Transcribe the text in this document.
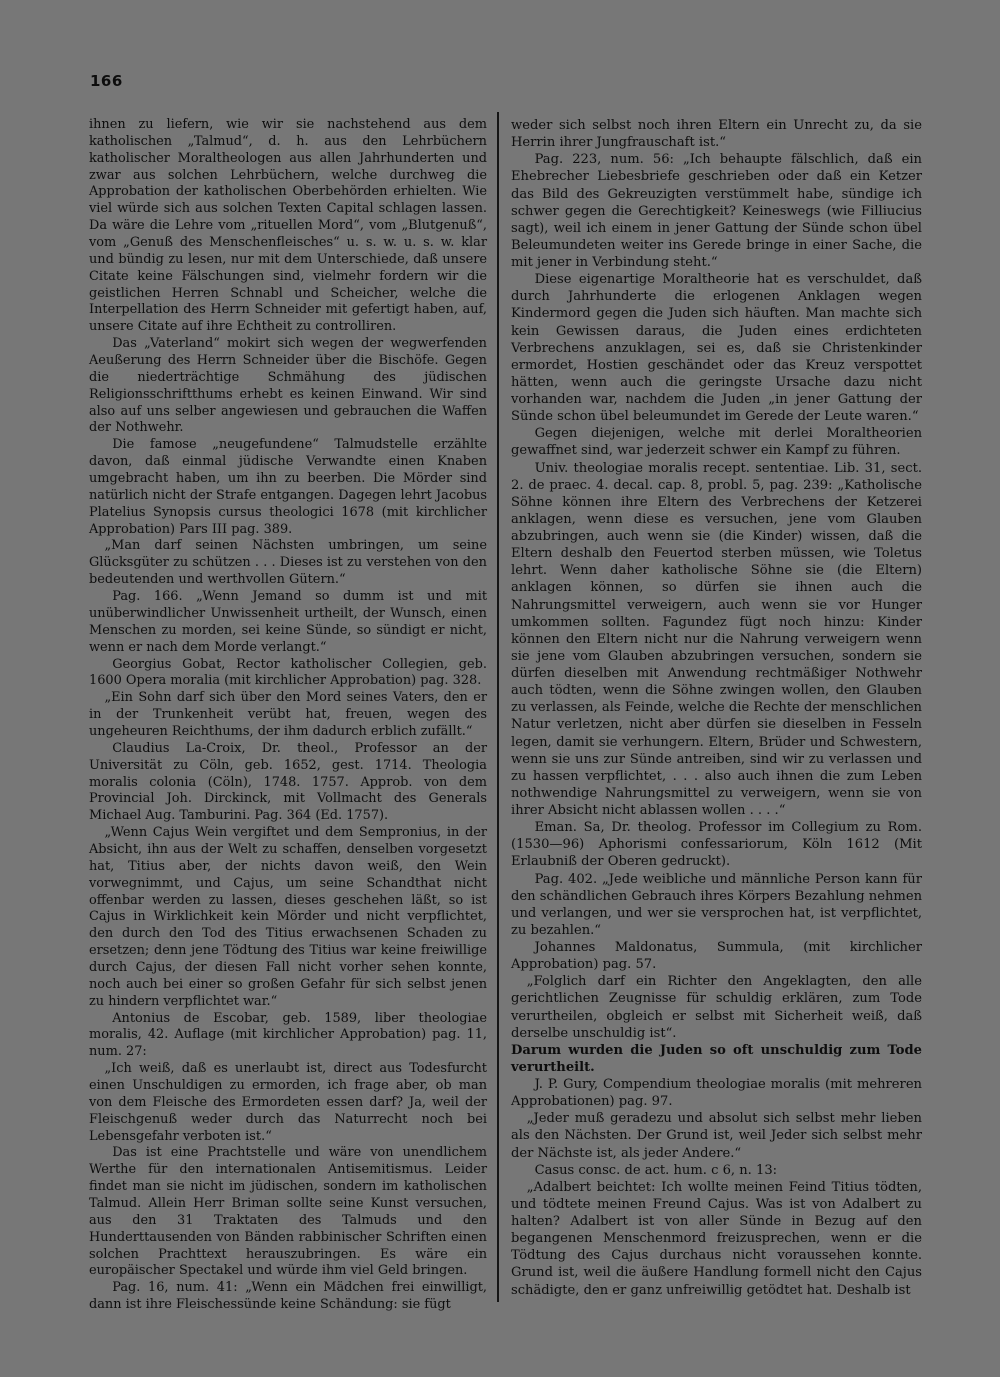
166

ihnen zu liefern, wie wir sie nachstehend aus dem katholischen „Talmud“, d. h. aus den Lehrbüchern katholischer Moraltheologen aus allen Jahrhunderten und zwar aus solchen Lehrbüchern, welche durchweg die Approbation der katholischen Oberbehörden erhielten. Wie viel würde sich aus solchen Texten Capital schlagen lassen. Da wäre die Lehre vom „rituellen Mord“, vom „Blutgenuß“, vom „Genuß des Menschenfleisches“ u. s. w. u. s. w. klar und bündig zu lesen, nur mit dem Unterschiede, daß unsere Citate keine Fälschungen sind, vielmehr fordern wir die geistlichen Herren Schnabl und Scheicher, welche die Interpellation des Herrn Schneider mit gefertigt haben, auf, unsere Citate auf ihre Echtheit zu controlliren.

Das „Vaterland“ mokirt sich wegen der wegwerfenden Aeußerung des Herrn Schneider über die Bischöfe. Gegen die niederträchtige Schmähung des jüdischen Religionsschriftthums erhebt es keinen Einwand. Wir sind also auf uns selber angewiesen und gebrauchen die Waffen der Nothwehr.

Die famose „neugefundene“ Talmudstelle erzählte davon, daß einmal jüdische Verwandte einen Knaben umgebracht haben, um ihn zu beerben. Die Mörder sind natürlich nicht der Strafe entgangen. Dagegen lehrt Jacobus Platelius Synopsis cursus theologici 1678 (mit kirchlicher Approbation) Pars III pag. 389.

„Man darf seinen Nächsten umbringen, um seine Glücksgüter zu schützen . . . Dieses ist zu verstehen von den bedeutenden und werthvollen Gütern.“

Pag. 166. „Wenn Jemand so dumm ist und mit unüberwindlicher Unwissenheit urtheilt, der Wunsch, einen Menschen zu morden, sei keine Sünde, so sündigt er nicht, wenn er nach dem Morde verlangt.“

Georgius Gobat, Rector katholischer Collegien, geb. 1600 Opera moralia (mit kirchlicher Approbation) pag. 328.

„Ein Sohn darf sich über den Mord seines Vaters, den er in der Trunkenheit verübt hat, freuen, wegen des ungeheuren Reichthums, der ihm dadurch erblich zufällt.“

Claudius La-Croix, Dr. theol., Professor an der Universität zu Cöln, geb. 1652, gest. 1714. Theologia moralis colonia (Cöln), 1748. 1757. Approb. von dem Provincial Joh. Dirckinck, mit Vollmacht des Generals Michael Aug. Tamburini. Pag. 364 (Ed. 1757).

„Wenn Cajus Wein vergiftet und dem Sempronius, in der Absicht, ihn aus der Welt zu schaffen, denselben vorgesetzt hat, Titius aber, der nichts davon weiß, den Wein vorwegnimmt, und Cajus, um seine Schandthat nicht offenbar werden zu lassen, dieses geschehen läßt, so ist Cajus in Wirklichkeit kein Mörder und nicht verpflichtet, den durch den Tod des Titius erwachsenen Schaden zu ersetzen; denn jene Tödtung des Titius war keine freiwillige durch Cajus, der diesen Fall nicht vorher sehen konnte, noch auch bei einer so großen Gefahr für sich selbst jenen zu hindern verpflichtet war.“

Antonius de Escobar, geb. 1589, liber theologiae moralis, 42. Auflage (mit kirchlicher Approbation) pag. 11, num. 27:

„Ich weiß, daß es unerlaubt ist, direct aus Todesfurcht einen Unschuldigen zu ermorden, ich frage aber, ob man von dem Fleische des Ermordeten essen darf? Ja, weil der Fleischgenuß weder durch das Naturrecht noch bei Lebensgefahr verboten ist.“

Das ist eine Prachtstelle und wäre von unendlichem Werthe für den internationalen Antisemitismus. Leider findet man sie nicht im jüdischen, sondern im katholischen Talmud. Allein Herr Briman sollte seine Kunst versuchen, aus den 31 Traktaten des Talmuds und den Hunderttausenden von Bänden rabbinischer Schriften einen solchen Prachttext herauszubringen. Es wäre ein europäischer Spectakel und würde ihm viel Geld bringen.

Pag. 16, num. 41: „Wenn ein Mädchen frei einwilligt, dann ist ihre Fleischessünde keine Schändung: sie fügt

weder sich selbst noch ihren Eltern ein Unrecht zu, da sie Herrin ihrer Jungfrauschaft ist.“

Pag. 223, num. 56: „Ich behaupte fälschlich, daß ein Ehebrecher Liebesbriefe geschrieben oder daß ein Ketzer das Bild des Gekreuzigten verstümmelt habe, sündige ich schwer gegen die Gerechtigkeit? Keineswegs (wie Filliucius sagt), weil ich einem in jener Gattung der Sünde schon übel Beleumundeten weiter ins Gerede bringe in einer Sache, die mit jener in Verbindung steht.“

Diese eigenartige Moraltheorie hat es verschuldet, daß durch Jahrhunderte die erlogenen Anklagen wegen Kindermord gegen die Juden sich häuften. Man machte sich kein Gewissen daraus, die Juden eines erdichteten Verbrechens anzuklagen, sei es, daß sie Christenkinder ermordet, Hostien geschändet oder das Kreuz verspottet hätten, wenn auch die geringste Ursache dazu nicht vorhanden war, nachdem die Juden „in jener Gattung der Sünde schon übel beleumundet im Gerede der Leute waren.“

Gegen diejenigen, welche mit derlei Moraltheorien gewaffnet sind, war jederzeit schwer ein Kampf zu führen.

Univ. theologiae moralis recept. sententiae. Lib. 31, sect. 2. de praec. 4. decal. cap. 8, probl. 5, pag. 239: „Katholische Söhne können ihre Eltern des Verbrechens der Ketzerei anklagen, wenn diese es versuchen, jene vom Glauben abzubringen, auch wenn sie (die Kinder) wissen, daß die Eltern deshalb den Feuertod sterben müssen, wie Toletus lehrt. Wenn daher katholische Söhne sie (die Eltern) anklagen können, so dürfen sie ihnen auch die Nahrungsmittel verweigern, auch wenn sie vor Hunger umkommen sollten. Fagundez fügt noch hinzu: Kinder können den Eltern nicht nur die Nahrung verweigern wenn sie jene vom Glauben abzubringen versuchen, sondern sie dürfen dieselben mit Anwendung rechtmäßiger Nothwehr auch tödten, wenn die Söhne zwingen wollen, den Glauben zu verlassen, als Feinde, welche die Rechte der menschlichen Natur verletzen, nicht aber dürfen sie dieselben in Fesseln legen, damit sie verhungern. Eltern, Brüder und Schwestern, wenn sie uns zur Sünde antreiben, sind wir zu verlassen und zu hassen verpflichtet, . . . also auch ihnen die zum Leben nothwendige Nahrungsmittel zu verweigern, wenn sie von ihrer Absicht nicht ablassen wollen . . . .“

Eman. Sa, Dr. theolog. Professor im Collegium zu Rom. (1530—96) Aphorismi confessariorum, Köln 1612 (Mit Erlaubniß der Oberen gedruckt).

Pag. 402. „Jede weibliche und männliche Person kann für den schändlichen Gebrauch ihres Körpers Bezahlung nehmen und verlangen, und wer sie versprochen hat, ist verpflichtet, zu bezahlen.“

Johannes Maldonatus, Summula, (mit kirchlicher Approbation) pag. 57.

„Folglich darf ein Richter den Angeklagten, den alle gerichtlichen Zeugnisse für schuldig erklären, zum Tode verurtheilen, obgleich er selbst mit Sicherheit weiß, daß derselbe unschuldig ist“.

Darum wurden die Juden so oft unschuldig zum Tode verurtheilt.

J. P. Gury, Compendium theologiae moralis (mit mehreren Approbationen) pag. 97.

„Jeder muß geradezu und absolut sich selbst mehr lieben als den Nächsten. Der Grund ist, weil Jeder sich selbst mehr der Nächste ist, als jeder Andere.“

Casus consc. de act. hum. c 6, n. 13:

„Adalbert beichtet: Ich wollte meinen Feind Titius tödten, und tödtete meinen Freund Cajus. Was ist von Adalbert zu halten? Adalbert ist von aller Sünde in Bezug auf den begangenen Menschenmord freizusprechen, wenn er die Tödtung des Cajus durchaus nicht voraussehen konnte. Grund ist, weil die äußere Handlung formell nicht den Cajus schädigte, den er ganz unfreiwillig getödtet hat. Deshalb ist
